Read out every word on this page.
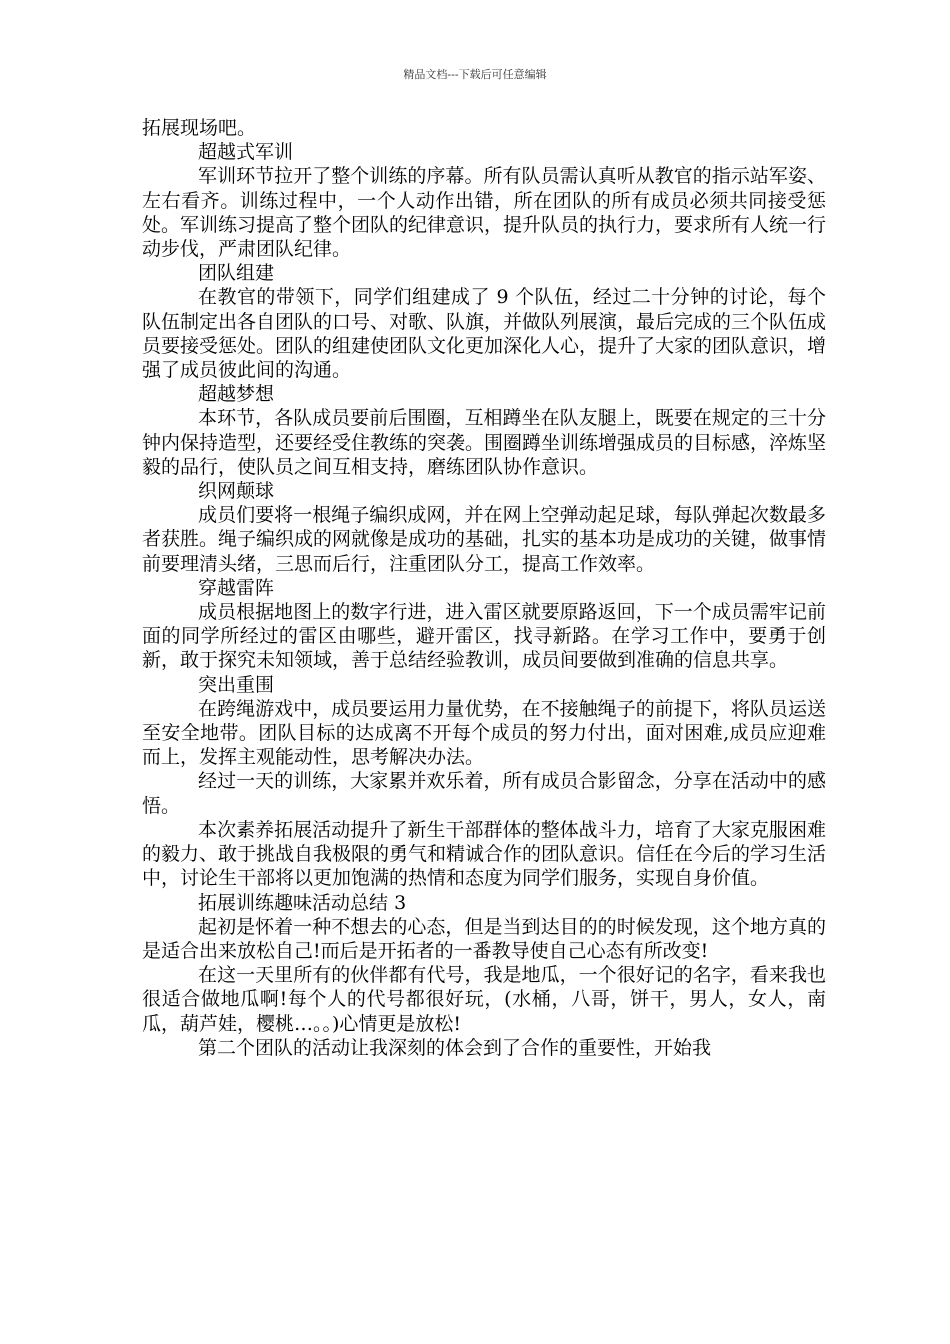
精品文档---下载后可任意编辑

拓展现场吧。

超越式军训

军训环节拉开了整个训练的序幕。所有队员需认真听从教官的指示站军姿、左右看齐。训练过程中，一个人动作出错，所在团队的所有成员必须共同接受惩处。军训练习提高了整个团队的纪律意识，提升队员的执行力，要求所有人统一行动步伐，严肃团队纪律。

团队组建

在教官的带领下，同学们组建成了 9 个队伍，经过二十分钟的讨论，每个队伍制定出各自团队的口号、对歌、队旗，并做队列展演，最后完成的三个队伍成员要接受惩处。团队的组建使团队文化更加深化人心，提升了大家的团队意识，增强了成员彼此间的沟通。

超越梦想

本环节，各队成员要前后围圈，互相蹲坐在队友腿上，既要在规定的三十分钟内保持造型，还要经受住教练的突袭。围圈蹲坐训练增强成员的目标感，淬炼坚毅的品行，使队员之间互相支持，磨练团队协作意识。

织网颠球

成员们要将一根绳子编织成网，并在网上空弹动起足球，每队弹起次数最多者获胜。绳子编织成的网就像是成功的基础，扎实的基本功是成功的关键，做事情前要理清头绪，三思而后行，注重团队分工，提高工作效率。

穿越雷阵

成员根据地图上的数字行进，进入雷区就要原路返回，下一个成员需牢记前面的同学所经过的雷区由哪些，避开雷区，找寻新路。在学习工作中，要勇于创新，敢于探究未知领域，善于总结经验教训，成员间要做到准确的信息共享。

突出重围

在跨绳游戏中，成员要运用力量优势，在不接触绳子的前提下，将队员运送至安全地带。团队目标的达成离不开每个成员的努力付出，面对困难,成员应迎难而上，发挥主观能动性，思考解决办法。

经过一天的训练，大家累并欢乐着，所有成员合影留念，分享在活动中的感悟。

本次素养拓展活动提升了新生干部群体的整体战斗力，培育了大家克服困难的毅力、敢于挑战自我极限的勇气和精诚合作的团队意识。信任在今后的学习生活中，讨论生干部将以更加饱满的热情和态度为同学们服务，实现自身价值。

拓展训练趣味活动总结 3

起初是怀着一种不想去的心态，但是当到达目的的时候发现，这个地方真的是适合出来放松自己!而后是开拓者的一番教导使自己心态有所改变!

在这一天里所有的伙伴都有代号，我是地瓜，一个很好记的名字，看来我也很适合做地瓜啊!每个人的代号都很好玩，(水桶，八哥，饼干，男人，女人，南瓜，葫芦娃，樱桃…。。)心情更是放松!

第二个团队的活动让我深刻的体会到了合作的重要性，开始我
